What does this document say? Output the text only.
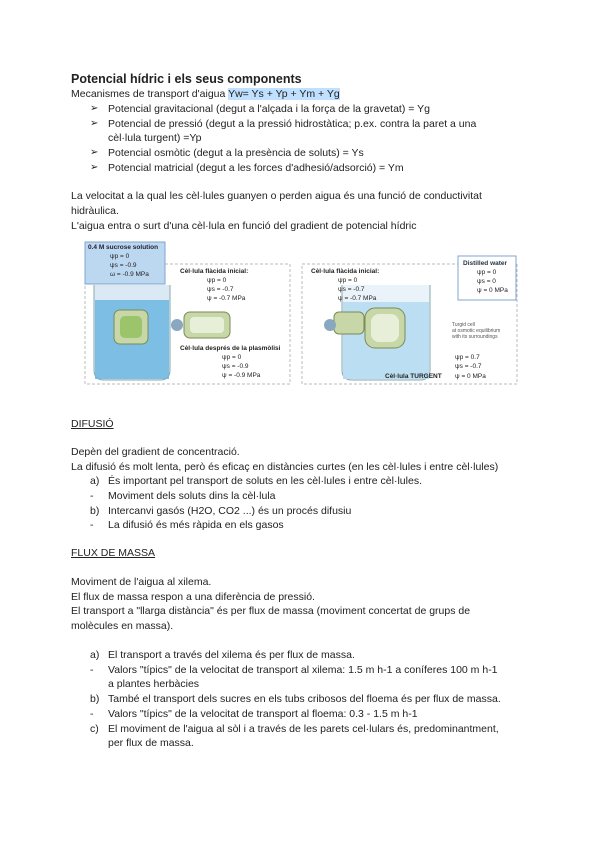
Potencial hídric i els seus components
Mecanismes de transport d'aigua Yw= Ys + Yp + Ym + Yg
➢ Potencial gravitacional (degut a l'alçada i la força de la gravetat) = Yg
➢ Potencial de pressió (degut a la pressió hidrostàtica; p.ex. contra la paret a una
cèl·lula turgent) =Yp
➢ Potencial osmòtic (degut a la presència de soluts) = Ys
➢ Potencial matricial (degut a les forces d'adhesió/adsorció) = Ym
La velocitat a la qual les cèl·lules guanyen o perden aigua és una funció de conductivitat
hidràulica.
L'aigua entra o surt d'una cèl·lula en funció del gradient de potencial hídric
0.4 M sucrose solution
ψp = 0
ψs = -0.9
ω = -0.9 MPa	Cèl·lula flàcida inicial:
ψp = 0
ψs = -0.7
ψ = -0.7 MPa
Cèl·lula després de la plasmòlisi
ψp = 0
ψs = -0.9
ψ = -0.9 MPa
Cèl·lula flàcida inicial:
ψp = 0
ψs = -0.7
ψ = -0.7 MPa
Distilled water
ψp = 0
ψs = 0
ψ = 0 MPa
Turgid cell
at osmotic equilibrium
with its surroundings
ψp = 0.7
ψs = -0.7
ψ = 0 MPa
Cèl·lula TURGENT
DIFUSIÓ
Depèn del gradient de concentració.
La difusió és molt lenta, però és eficaç en distàncies curtes (en les cèl·lules i entre cèl·lules)
a) És important pel transport de soluts en les cèl·lules i entre cèl·lules.
- Moviment dels soluts dins la cèl·lula
b) Intercanvi gasós (H2O, CO2 ...) és un procés difusiu
- La difusió és més ràpida en els gasos
FLUX DE MASSA
Moviment de l'aigua al xilema.
El flux de massa respon a una diferència de pressió.
El transport a "llarga distància" és per flux de massa (moviment concertat de grups de
molècules en massa).
a) El transport a través del xilema és per flux de massa.
- Valors "típics" de la velocitat de transport al xilema: 1.5 m h-1 a coníferes 100 m h-1
a plantes herbàcies
b) També el transport dels sucres en els tubs cribosos del floema és per flux de massa.
- Valors "típics" de la velocitat de transport al floema: 0.3 - 1.5 m h-1
c) El moviment de l'aigua al sòl i a través de les parets cel·lulars és, predominantment,
per flux de massa.
